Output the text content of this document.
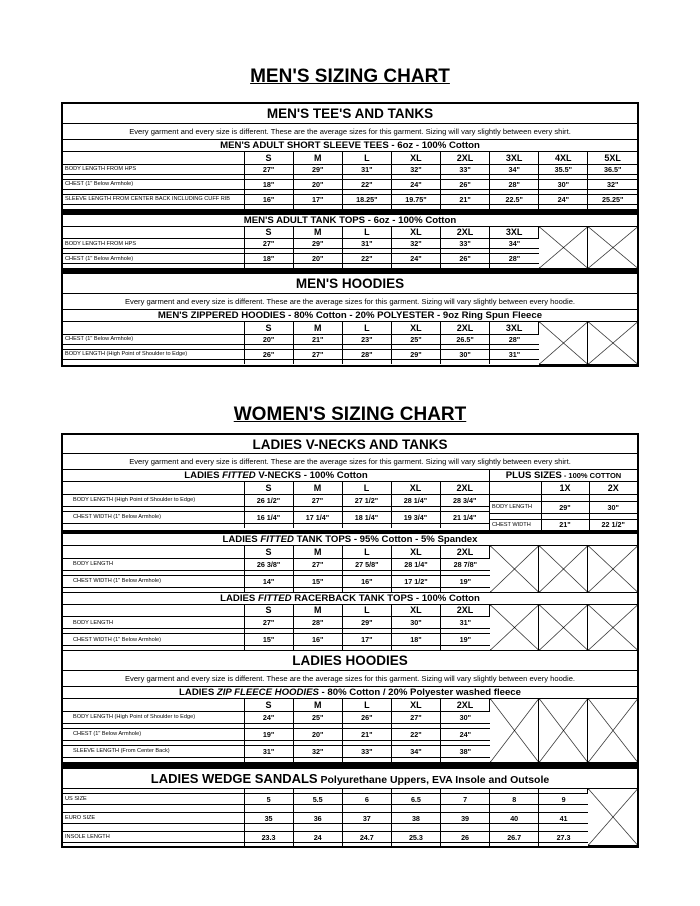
MEN'S SIZING CHART
MEN'S TEE'S AND TANKS
Every garment and every size is different. These are the average sizes for this garment. Sizing will vary slightly between every shirt.
MEN'S ADULT SHORT SLEEVE TEES - 6oz - 100% Cotton
	S	M	L	XL	2XL	3XL	4XL	5XL
BODY LENGTH FROM HPS	27"	29"	31"	32"	33"	34"	35.5"	36.5"

CHEST (1" Below Armhole)	18"	20"	22"	24"	26"	28"	30"	32"

SLEEVE LENGTH FROM CENTER BACK INCLUDING CUFF RIB	16"	17"	18.25"	19.75"	21"	22.5"	24"	25.25"

MEN'S ADULT TANK TOPS - 6oz - 100% Cotton
	S	M	L	XL	2XL	3XL		
BODY LENGTH FROM HPS	27"	29"	31"	32"	33"	34"		

CHEST (1" Below Armhole)	18"	20"	22"	24"	26"	28"		

MEN'S HOODIES
Every garment and every size is different. These are the average sizes for this garment. Sizing will vary slightly between every hoodie.
MEN'S ZIPPERED HOODIES - 80% Cotton - 20% POLYESTER - 9oz Ring Spun Fleece
	S	M	L	XL	2XL	3XL		
CHEST (1" Below Armhole)	20"	21"	23"	25"	26.5"	28"		

BODY LENGTH (High Point of Shoulder to Edge)	26"	27"	28"	29"	30"	31"		

WOMEN'S SIZING CHART
LADIES V-NECKS AND TANKS
Every garment and every size is different. These are the average sizes for this garment. Sizing will vary slightly between every shirt.
LADIES FITTED V-NECKS - 100% Cotton
	S	M	L	XL	2XL
BODY LENGTH (High Point of Shoulder to Edge)	26 1/2"	27"	27 1/2"	28 1/4"	28 3/4"

CHEST WIDTH (1" Below Armhole)	16 1/4"	17 1/4"	18 1/4"	19 3/4"	21 1/4"

PLUS SIZES - 100% COTTON
	1X	2X

BODY LENGTH	29"	30"

CHEST WIDTH	21"	22 1/2"
LADIES FITTED TANK TOPS - 95% Cotton - 5% Spandex
	S	M	L	XL	2XL			
BODY LENGTH	26 3/8"	27"	27 5/8"	28 1/4"	28 7/8"			

CHEST WIDTH (1" Below Armhole)	14"	15"	16"	17 1/2"	19"			

LADIES FITTED RACERBACK TANK TOPS - 100% Cotton
	S	M	L	XL	2XL			
BODY LENGTH	27"	28"	29"	30"	31"			

CHEST WIDTH (1" Below Armhole)	15"	16"	17"	18"	19"			

LADIES HOODIES
Every garment and every size is different. These are the average sizes for this garment. Sizing will vary slightly between every hoodie.
LADIES ZIP FLEECE HOODIES - 80% Cotton / 20% Polyester washed fleece
	S	M	L	XL	2XL			
BODY LENGTH (High Point of Shoulder to Edge)	24"	25"	26"	27"	30"			

CHEST (1" Below Armhole)	19"	20"	21"	22"	24"			

SLEEVE LENGTH (From Center Back)	31"	32"	33"	34"	38"			

LADIES WEDGE SANDALS Polyurethane Uppers, EVA Insole and Outsole

US SIZE	5	5.5	6	6.5	7	8	9	

EURO SIZE	35	36	37	38	39	40	41	

INSOLE LENGTH	23.3	24	24.7	25.3	26	26.7	27.3	
